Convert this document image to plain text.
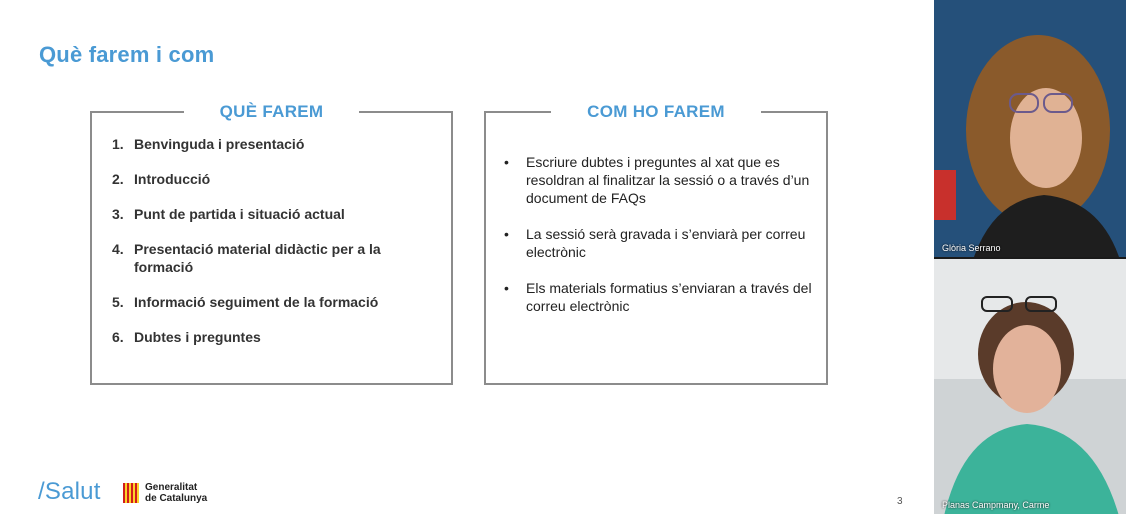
Què farem i com
QUÈ FAREM
1. Benvinguda i presentació
2. Introducció
3. Punt de partida i situació actual
4. Presentació material didàctic per a la formació
5. Informació seguiment de la formació
6. Dubtes i preguntes
COM HO FAREM
•	Escriure dubtes i preguntes al xat que es resoldran al finalitzar la sessió o a través d’un document de FAQs
•	La sessió serà gravada i s’enviarà per correu electrònic
•	Els materials formatius s’enviaran a través del correu electrònic
/Salut	Generalitat
de Catalunya	3
Glòria Serrano
Planas Campmany, Carme
